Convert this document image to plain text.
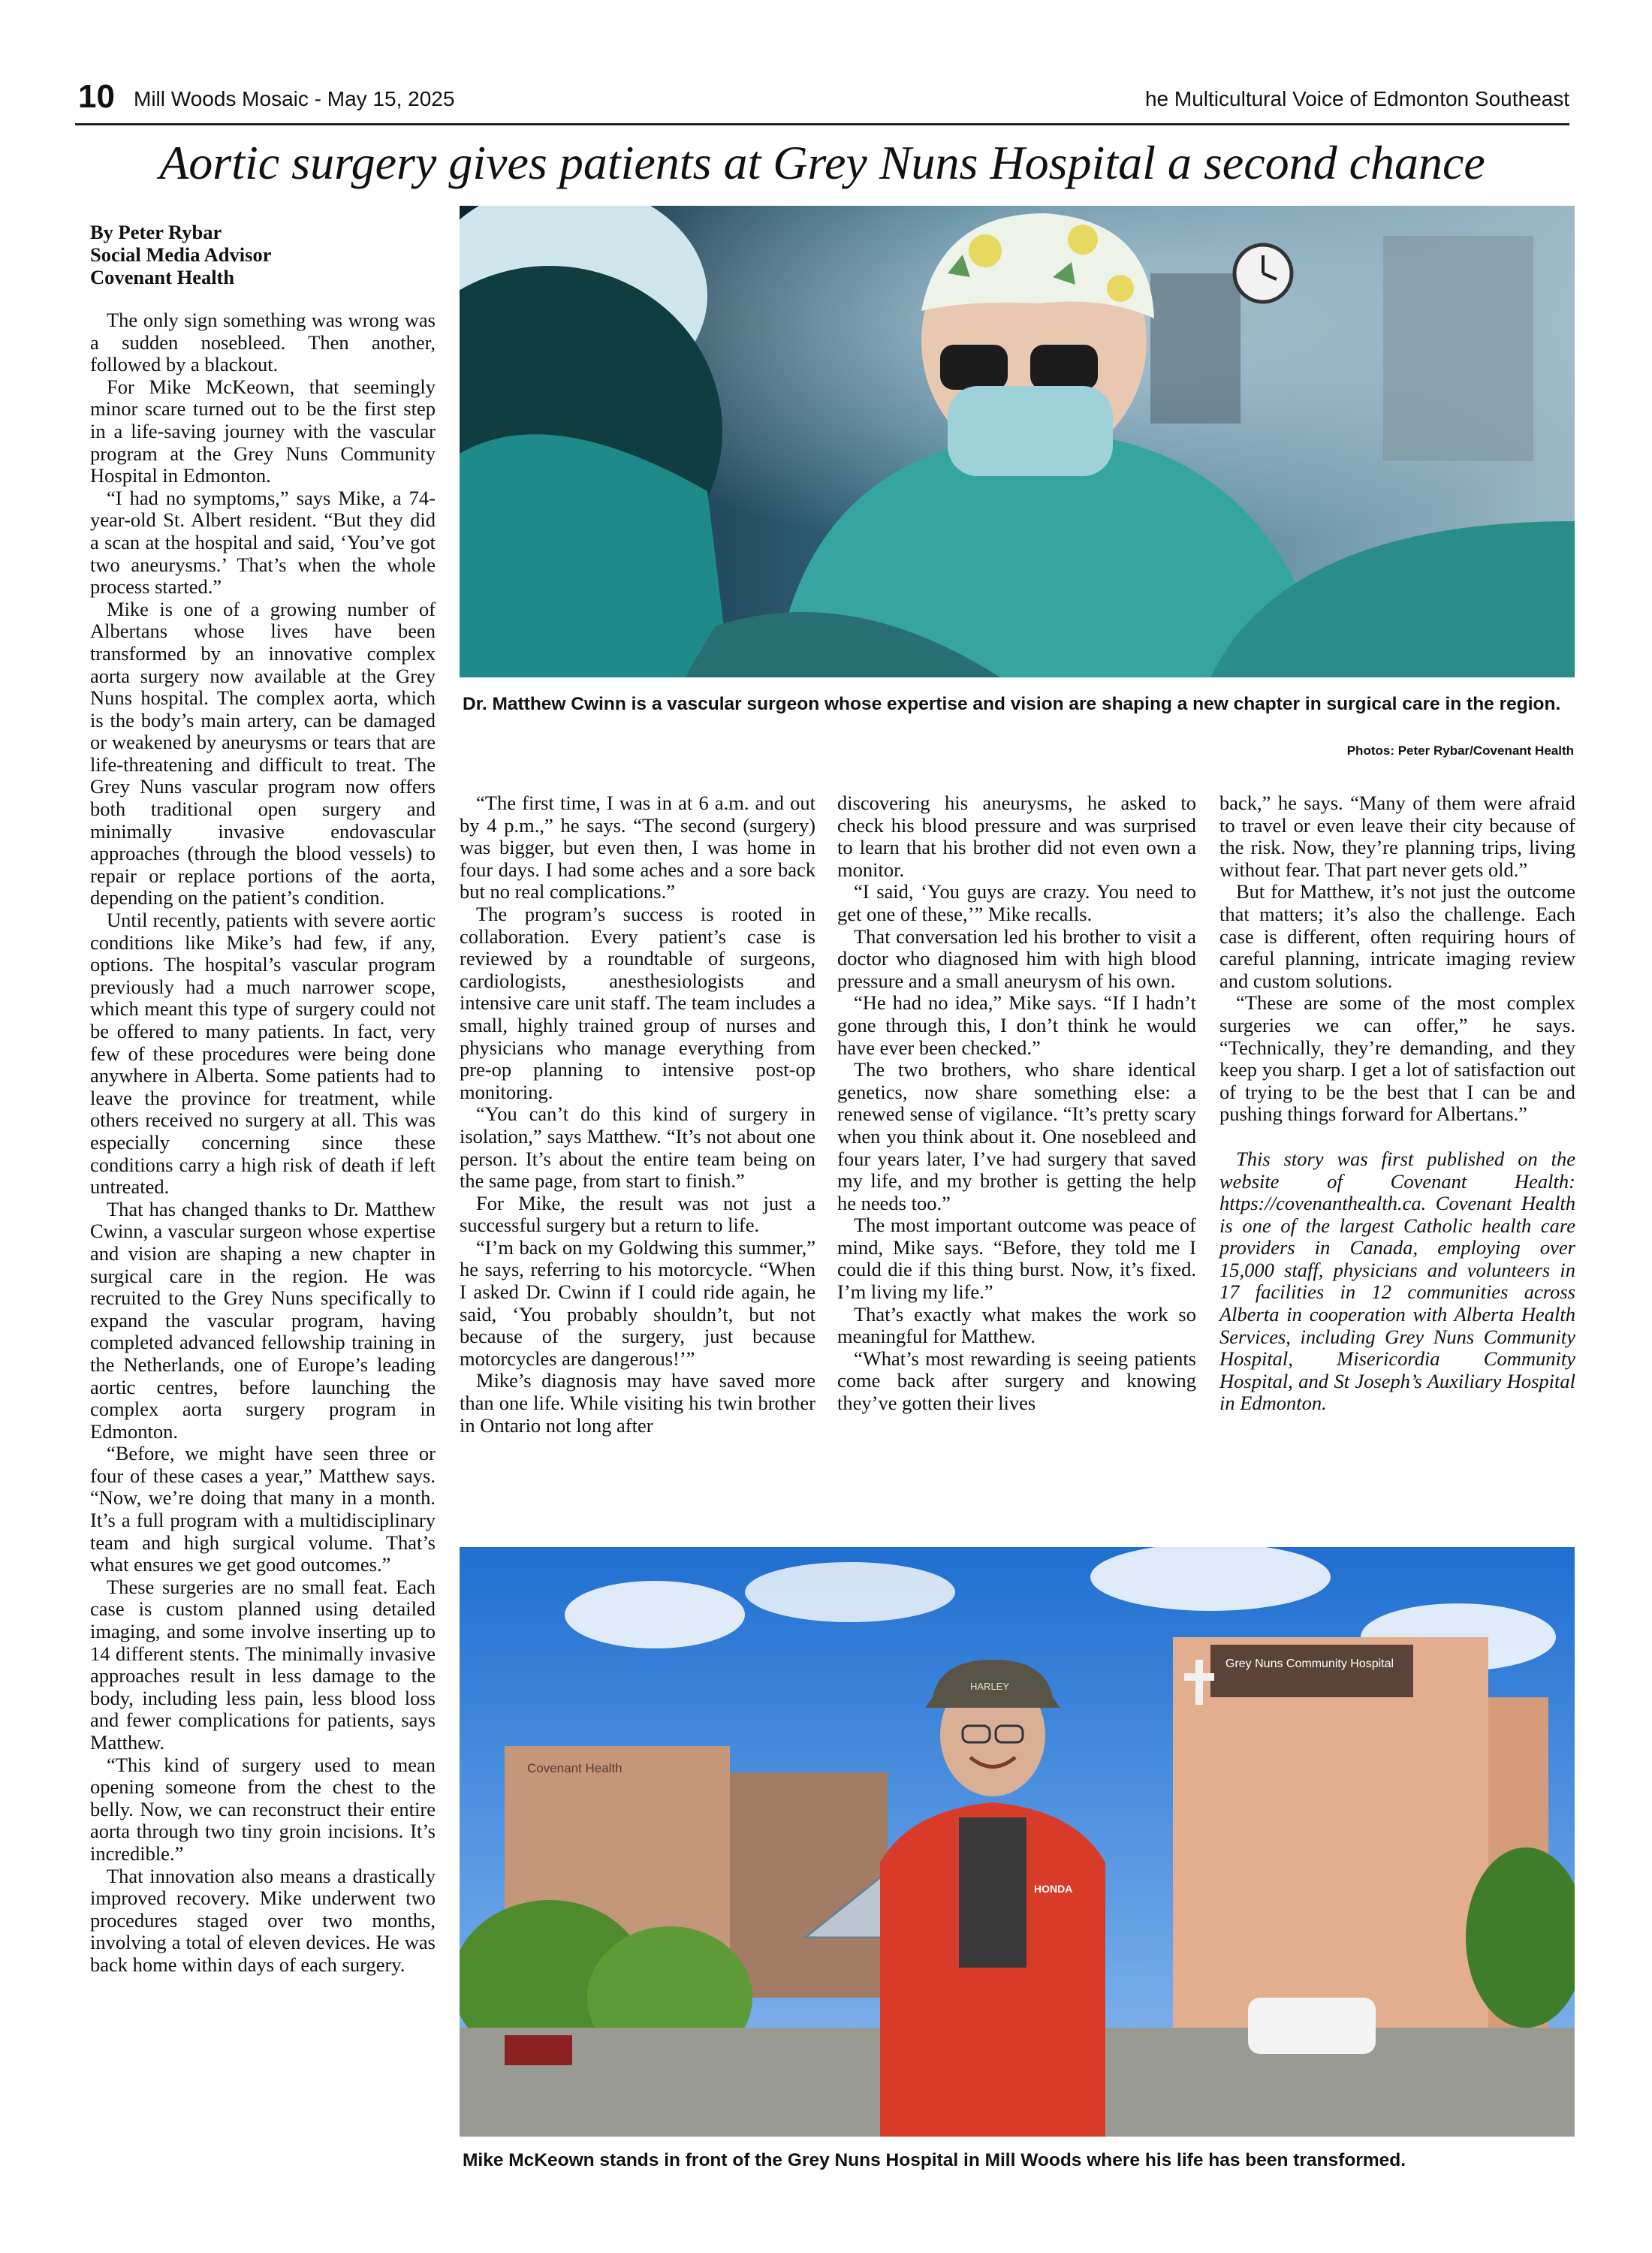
10 Mill Woods Mosaic - May 15, 2025	he Multicultural Voice of Edmonton Southeast
Aortic surgery gives patients at Grey Nuns Hospital a second chance
By Peter Rybar
Social Media Advisor
Covenant Health

The only sign something was wrong was a sudden nosebleed. Then another, followed by a blackout.

For Mike McKeown, that seemingly minor scare turned out to be the first step in a life-saving journey with the vascular program at the Grey Nuns Community Hospital in Edmonton.

“I had no symptoms,” says Mike, a 74-year-old St. Albert resident. “But they did a scan at the hospital and said, ‘You’ve got two aneurysms.’ That’s when the whole process started.”

Mike is one of a growing number of Albertans whose lives have been transformed by an innovative complex aorta surgery now available at the Grey Nuns hospital. The complex aorta, which is the body’s main artery, can be damaged or weakened by aneurysms or tears that are life-threatening and difficult to treat. The Grey Nuns vascular program now offers both traditional open surgery and minimally invasive endovascular approaches (through the blood vessels) to repair or replace portions of the aorta, depending on the patient’s condition.

Until recently, patients with severe aortic conditions like Mike’s had few, if any, options. The hospital’s vascular program previously had a much narrower scope, which meant this type of surgery could not be offered to many patients. In fact, very few of these procedures were being done anywhere in Alberta. Some patients had to leave the province for treatment, while others received no surgery at all. This was especially concerning since these conditions carry a high risk of death if left untreated.

That has changed thanks to Dr. Matthew Cwinn, a vascular surgeon whose expertise and vision are shaping a new chapter in surgical care in the region. He was recruited to the Grey Nuns specifically to expand the vascular program, having completed advanced fellowship training in the Netherlands, one of Europe’s leading aortic centres, before launching the complex aorta surgery program in Edmonton.

“Before, we might have seen three or four of these cases a year,” Matthew says. “Now, we’re doing that many in a month. It’s a full program with a multidisciplinary team and high surgical volume. That’s what ensures we get good outcomes.”

These surgeries are no small feat. Each case is custom planned using detailed imaging, and some involve inserting up to 14 different stents. The minimally invasive approaches result in less damage to the body, including less pain, less blood loss and fewer complications for patients, says Matthew.

“This kind of surgery used to mean opening someone from the chest to the belly. Now, we can reconstruct their entire aorta through two tiny groin incisions. It’s incredible.”

That innovation also means a drastically improved recovery. Mike underwent two procedures staged over two months, involving a total of eleven devices. He was back home within days of each surgery.

Dr. Matthew Cwinn is a vascular surgeon whose expertise and vision are shaping a new chapter in surgical care in the region.
Photos: Peter Rybar/Covenant Health

“The first time, I was in at 6 a.m. and out by 4 p.m.,” he says. “The second (surgery) was bigger, but even then, I was home in four days. I had some aches and a sore back but no real complications.”

The program’s success is rooted in collaboration. Every patient’s case is reviewed by a roundtable of surgeons, cardiologists, anesthesiologists and intensive care unit staff. The team includes a small, highly trained group of nurses and physicians who manage everything from pre-op planning to intensive post-op monitoring.

“You can’t do this kind of surgery in isolation,” says Matthew. “It’s not about one person. It’s about the entire team being on the same page, from start to finish.”

For Mike, the result was not just a successful surgery but a return to life.

“I’m back on my Goldwing this summer,” he says, referring to his motorcycle. “When I asked Dr. Cwinn if I could ride again, he said, ‘You probably shouldn’t, but not because of the surgery, just because motorcycles are dangerous!’”

Mike’s diagnosis may have saved more than one life. While visiting his twin brother in Ontario not long after

discovering his aneurysms, he asked to check his blood pressure and was surprised to learn that his brother did not even own a monitor.

“I said, ‘You guys are crazy. You need to get one of these,’” Mike recalls.

That conversation led his brother to visit a doctor who diagnosed him with high blood pressure and a small aneurysm of his own.

“He had no idea,” Mike says. “If I hadn’t gone through this, I don’t think he would have ever been checked.”

The two brothers, who share identical genetics, now share something else: a renewed sense of vigilance. “It’s pretty scary when you think about it. One nosebleed and four years later, I’ve had surgery that saved my life, and my brother is getting the help he needs too.”

The most important outcome was peace of mind, Mike says. “Before, they told me I could die if this thing burst. Now, it’s fixed. I’m living my life.”

That’s exactly what makes the work so meaningful for Matthew.

“What’s most rewarding is seeing patients come back after surgery and knowing they’ve gotten their lives

back,” he says. “Many of them were afraid to travel or even leave their city because of the risk. Now, they’re planning trips, living without fear. That part never gets old.”

But for Matthew, it’s not just the outcome that matters; it’s also the challenge. Each case is different, often requiring hours of careful planning, intricate imaging review and custom solutions.

“These are some of the most complex surgeries we can offer,” he says. “Technically, they’re demanding, and they keep you sharp. I get a lot of satisfaction out of trying to be the best that I can be and pushing things forward for Albertans.”

This story was first published on the website of Covenant Health: https://covenanthealth.ca. Covenant Health is one of the largest Catholic health care providers in Canada, employing over 15,000 staff, physicians and volunteers in 17 facilities in 12 communities across Alberta in cooperation with Alberta Health Services, including Grey Nuns Community Hospital, Misericordia Community Hospital, and St Joseph’s Auxiliary Hospital in Edmonton.

Covenant Health
Grey Nuns Community Hospital
HARLEY
HONDA
Mike McKeown stands in front of the Grey Nuns Hospital in Mill Woods where his life has been transformed.
